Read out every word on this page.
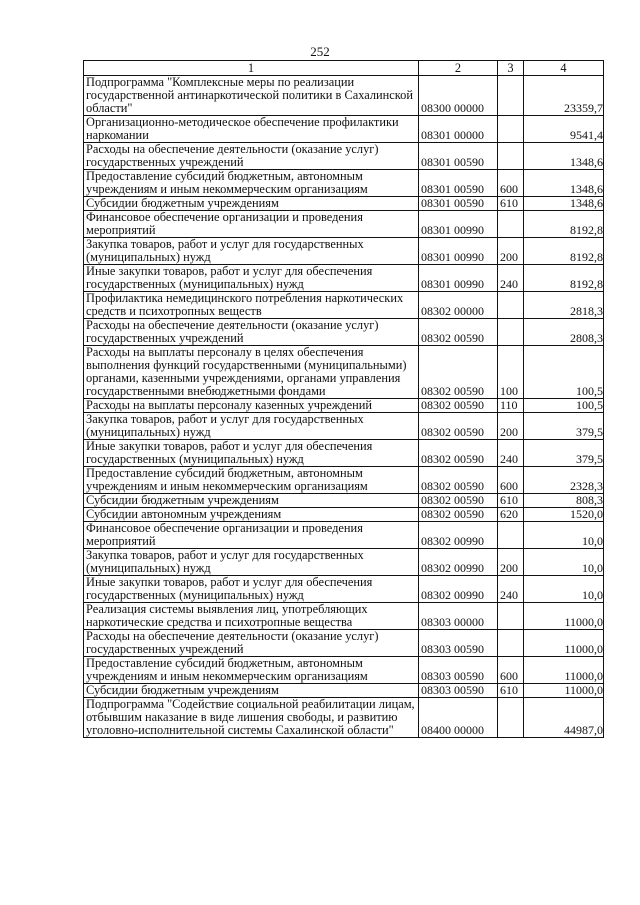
252
1	2	3	4
Подпрограмма "Комплексные меры по реализации государственной антинаркотической политики в Сахалинской области"	08300 00000		23359,7
Организационно-методическое обеспечение профилактики наркомании	08301 00000		9541,4
Расходы на обеспечение деятельности (оказание услуг) государственных учреждений	08301 00590		1348,6
Предоставление субсидий бюджетным, автономным учреждениям и иным некоммерческим организациям	08301 00590	600	1348,6
Субсидии бюджетным учреждениям	08301 00590	610	1348,6
Финансовое обеспечение организации и проведения мероприятий	08301 00990		8192,8
Закупка товаров, работ и услуг для государственных (муниципальных) нужд	08301 00990	200	8192,8
Иные закупки товаров, работ и услуг для обеспечения государственных (муниципальных) нужд	08301 00990	240	8192,8
Профилактика немедицинского потребления наркотических средств и психотропных веществ	08302 00000		2818,3
Расходы на обеспечение деятельности (оказание услуг) государственных учреждений	08302 00590		2808,3
Расходы на выплаты персоналу в целях обеспечения выполнения функций государственными (муниципальными) органами, казенными учреждениями, органами управления государственными внебюджетными фондами	08302 00590	100	100,5
Расходы на выплаты персоналу казенных учреждений	08302 00590	110	100,5
Закупка товаров, работ и услуг для государственных (муниципальных) нужд	08302 00590	200	379,5
Иные закупки товаров, работ и услуг для обеспечения государственных (муниципальных) нужд	08302 00590	240	379,5
Предоставление субсидий бюджетным, автономным учреждениям и иным некоммерческим организациям	08302 00590	600	2328,3
Субсидии бюджетным учреждениям	08302 00590	610	808,3
Субсидии автономным учреждениям	08302 00590	620	1520,0
Финансовое обеспечение организации и проведения мероприятий	08302 00990		10,0
Закупка товаров, работ и услуг для государственных (муниципальных) нужд	08302 00990	200	10,0
Иные закупки товаров, работ и услуг для обеспечения государственных (муниципальных) нужд	08302 00990	240	10,0
Реализация системы выявления лиц, употребляющих наркотические средства и психотропные вещества	08303 00000		11000,0
Расходы на обеспечение деятельности (оказание услуг) государственных учреждений	08303 00590		11000,0
Предоставление субсидий бюджетным, автономным учреждениям и иным некоммерческим организациям	08303 00590	600	11000,0
Субсидии бюджетным учреждениям	08303 00590	610	11000,0
Подпрограмма "Содействие социальной реабилитации лицам, отбывшим наказание в виде лишения свободы, и развитию уголовно-исполнительной системы Сахалинской области"	08400 00000		44987,0
